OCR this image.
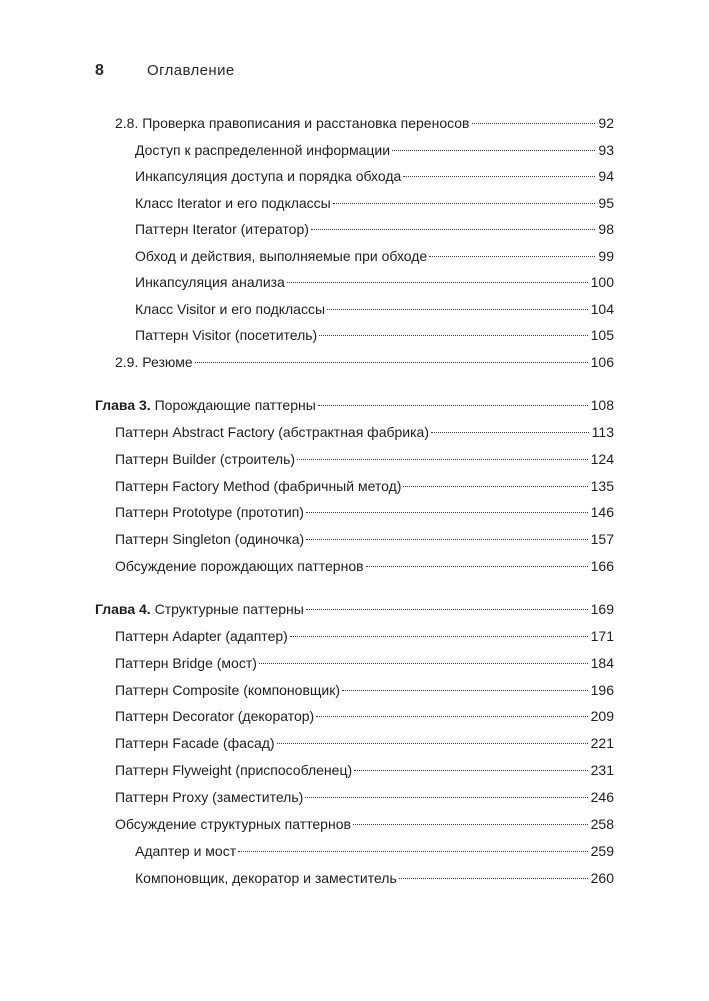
8	Оглавление
2.8. Проверка правописания и расстановка переносов	92
Доступ к распределенной информации	93
Инкапсуляция доступа и порядка обхода	94
Класс Iterator и его подклассы	95
Паттерн Iterator (итератор)	98
Обход и действия, выполняемые при обходе	99
Инкапсуляция анализа	100
Класс Visitor и его подклассы	104
Паттерн Visitor (посетитель)	105
2.9. Резюме	106
Глава 3. Порождающие паттерны	108
Паттерн Abstract Factory (абстрактная фабрика)	113
Паттерн Builder (строитель)	124
Паттерн Factory Method (фабричный метод)	135
Паттерн Prototype (прототип)	146
Паттерн Singleton (одиночка)	157
Обсуждение порождающих паттернов	166
Глава 4. Структурные паттерны	169
Паттерн Adapter (адаптер)	171
Паттерн Bridge (мост)	184
Паттерн Composite (компоновщик)	196
Паттерн Decorator (декоратор)	209
Паттерн Facade (фасад)	221
Паттерн Flyweight (приспособленец)	231
Паттерн Proxy (заместитель)	246
Обсуждение структурных паттернов	258
Адаптер и мост	259
Компоновщик, декоратор и заместитель	260
